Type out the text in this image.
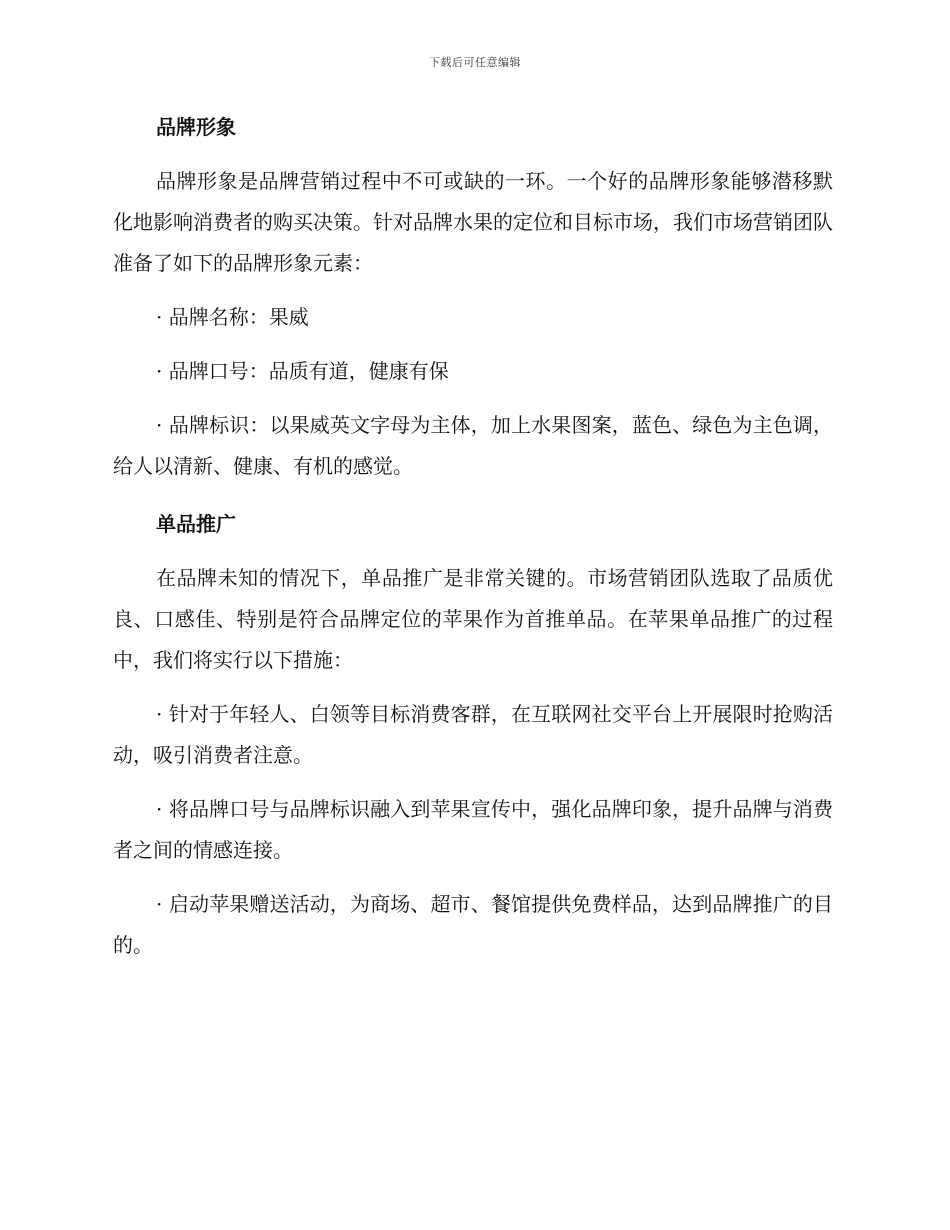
下载后可任意编辑
品牌形象

品牌形象是品牌营销过程中不可或缺的一环。一个好的品牌形象能够潜移默化地影响消费者的购买决策。针对品牌水果的定位和目标市场，我们市场营销团队准备了如下的品牌形象元素：

· 品牌名称：果威

· 品牌口号：品质有道，健康有保

· 品牌标识：以果威英文字母为主体，加上水果图案，蓝色、绿色为主色调，给人以清新、健康、有机的感觉。

单品推广

在品牌未知的情况下，单品推广是非常关键的。市场营销团队选取了品质优良、口感佳、特别是符合品牌定位的苹果作为首推单品。在苹果单品推广的过程中，我们将实行以下措施：

· 针对于年轻人、白领等目标消费客群，在互联网社交平台上开展限时抢购活动，吸引消费者注意。

· 将品牌口号与品牌标识融入到苹果宣传中，强化品牌印象，提升品牌与消费者之间的情感连接。

· 启动苹果赠送活动，为商场、超市、餐馆提供免费样品，达到品牌推广的目的。
